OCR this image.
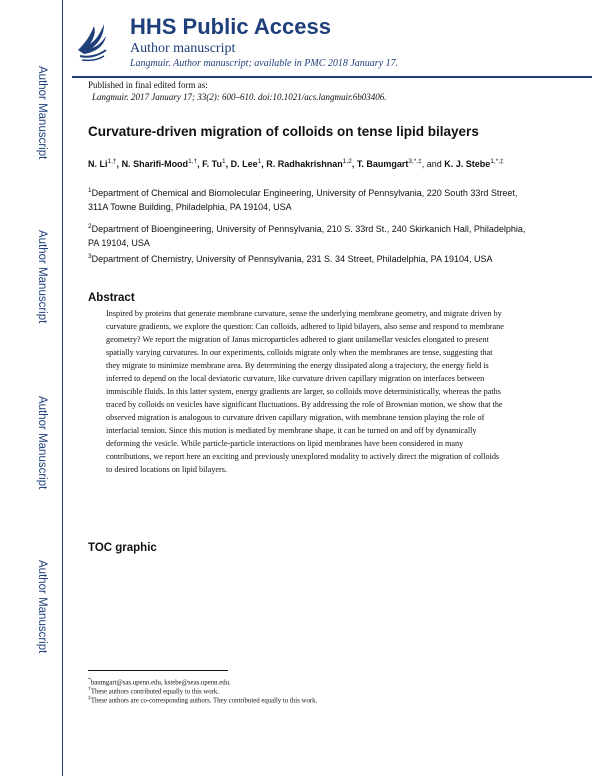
Author Manuscript
Author Manuscript
Author Manuscript
Author Manuscript
HHS Public Access
Author manuscript
Langmuir. Author manuscript; available in PMC 2018 January 17.
Published in final edited form as:
Langmuir. 2017 January 17; 33(2): 600–610. doi:10.1021/acs.langmuir.6b03406.
Curvature-driven migration of colloids on tense lipid bilayers
N. $Li^{1,\dagger}$, N. Sharifi-Mood$^{1,\dagger}$, F. Tu$^1$, D. Lee$^1$, R. Radhakrishnan$^{1,2}$, T. Baumgart$^{3,*,\ddagger}$, and K. J. Stebe$^{1,*,\ddagger}$
$^1$Department of Chemical and Biomolecular Engineering, University of Pennsylvania, 220 South 33rd Street, 311A Towne Building, Philadelphia, PA 19104, USA
$^2$Department of Bioengineering, University of Pennsylvania, 210 S. 33rd St., 240 Skirkanich Hall, Philadelphia, PA 19104, USA
$^3$Department of Chemistry, University of Pennsylvania, 231 S. 34 Street, Philadelphia, PA 19104, USA
Abstract
Inspired by proteins that generate membrane curvature, sense the underlying membrane geometry, and migrate driven by curvature gradients, we explore the question: Can colloids, adhered to lipid bilayers, also sense and respond to membrane geometry? We report the migration of Janus microparticles adhered to giant unilamellar vesicles elongated to present spatially varying curvatures. In our experiments, colloids migrate only when the membranes are tense, suggesting that they migrate to minimize membrane area. By determining the energy dissipated along a trajectory, the energy field is inferred to depend on the local deviatoric curvature, like curvature driven capillary migration on interfaces between immiscible fluids. In this latter system, energy gradients are larger, so colloids move deterministically, whereas the paths traced by colloids on vesicles have significant fluctuations. By addressing the role of Brownian motion, we show that the observed migration is analogous to curvature driven capillary migration, with membrane tension playing the role of interfacial tension. Since this motion is mediated by membrane shape, it can be turned on and off by dynamically deforming the vesicle. While particle-particle interactions on lipid membranes have been considered in many contributions, we report here an exciting and previously unexplored modality to actively direct the migration of colloids to desired locations on lipid bilayers.
TOC graphic
*baumgart@sas.upenn.edu, kstebe@seas.upenn.edu.
†These authors contributed equally to this work.
‡These authors are co-corresponding authors. They contributed equally to this work.
